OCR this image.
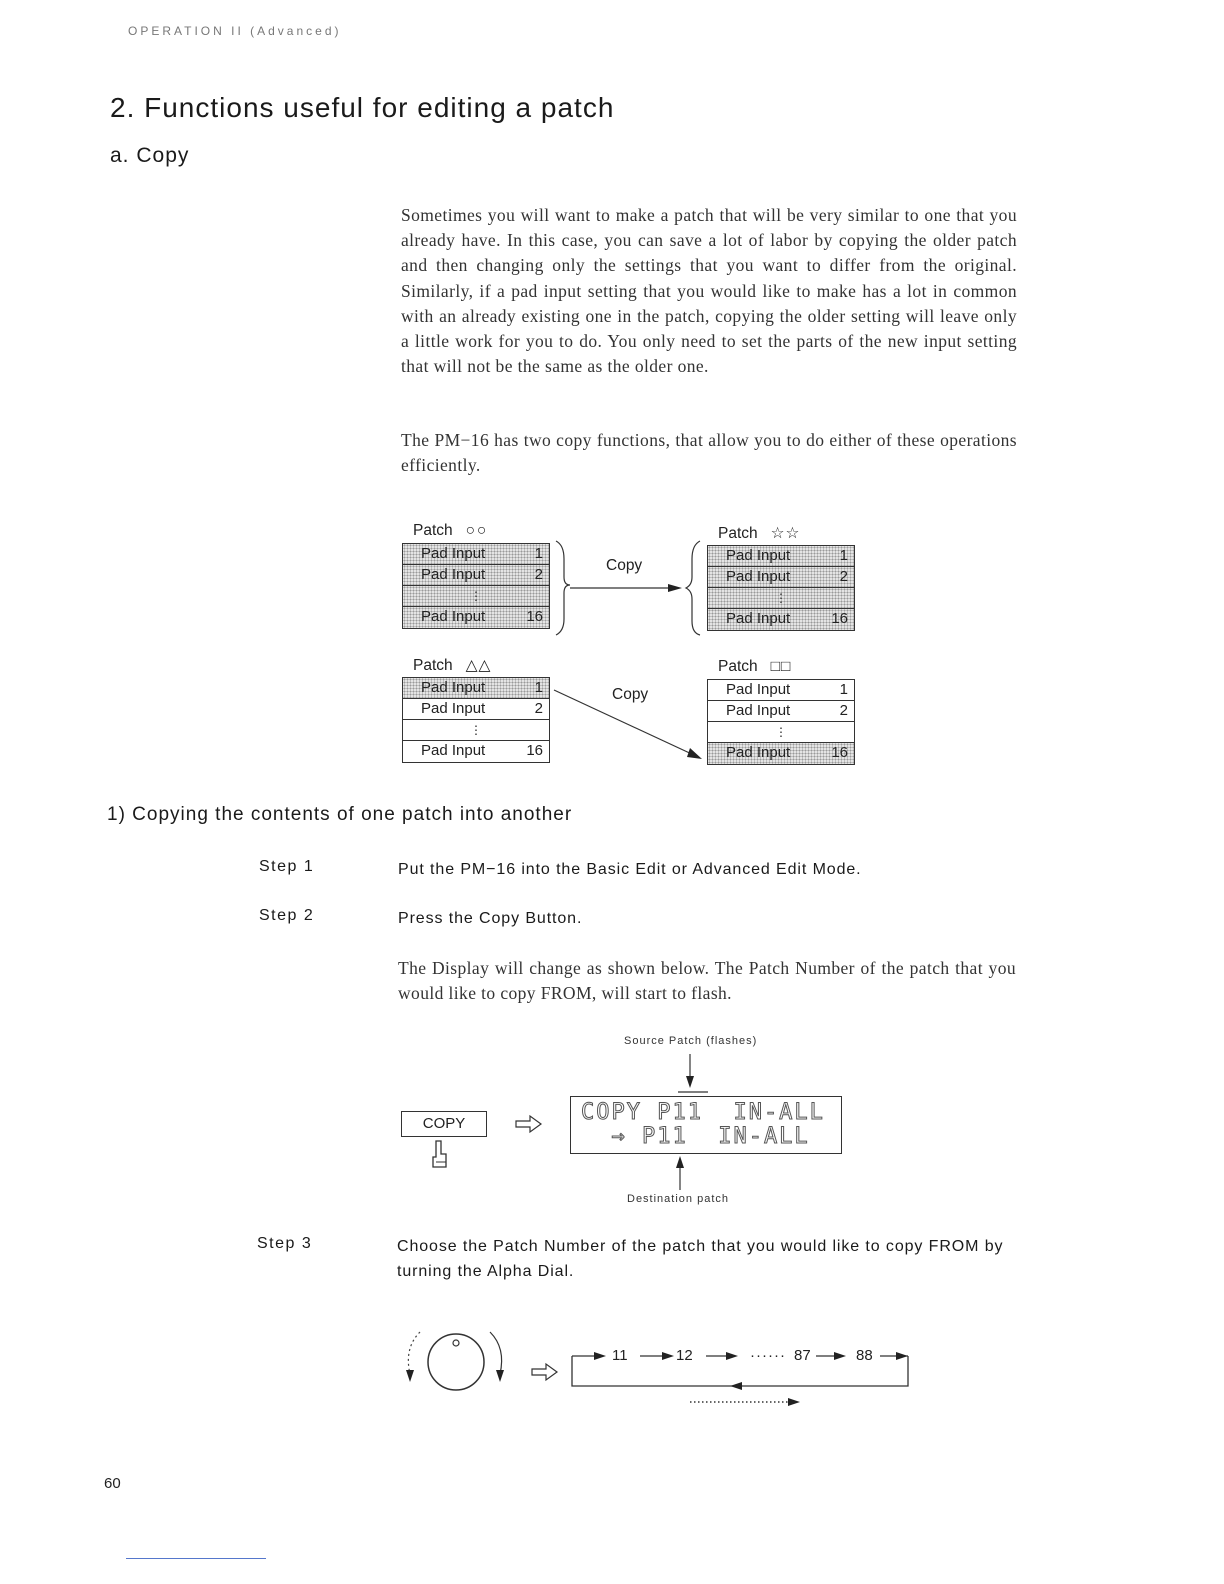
OPERATION II (Advanced)
2. Functions useful for editing a patch
a. Copy

Sometimes you will want to make a patch that will be very similar to one that you already have. In this case, you can save a lot of labor by copying the older patch and then changing only the settings that you want to differ from the original. Similarly, if a pad input setting that you would like to make has a lot in common with an already existing one in the patch, copying the older setting will leave only a little work for you to do. You only need to set the parts of the new input setting that will not be the same as the older one.

The PM−16 has two copy functions, that allow you to do either of these operations efficiently.

Patch ○○
Pad Input	1
Pad Input	2
⋮
Pad Input	16
Patch ☆☆
Pad Input	1
Pad Input	2
⋮
Pad Input	16
Copy
Patch △△
Pad Input	1
Pad Input	2
⋮
Pad Input	16
Patch □□
Pad Input	1
Pad Input	2
⋮
Pad Input	16
Copy
1) Copying the contents of one patch into another
Step 1	Put the PM−16 into the Basic Edit or Advanced Edit Mode.
Step 2	Press the Copy Button.

The Display will change as shown below. The Patch Number of the patch that you would like to copy FROM, will start to flash.

Source Patch (flashes)
COPY	COPY P11  IN-ALL
→ P11  IN-ALL
Destination patch
Step 3	Choose the Patch Number of the patch that you would like to copy FROM by turning the Alpha Dial.
11	12	······ 87	88
60
